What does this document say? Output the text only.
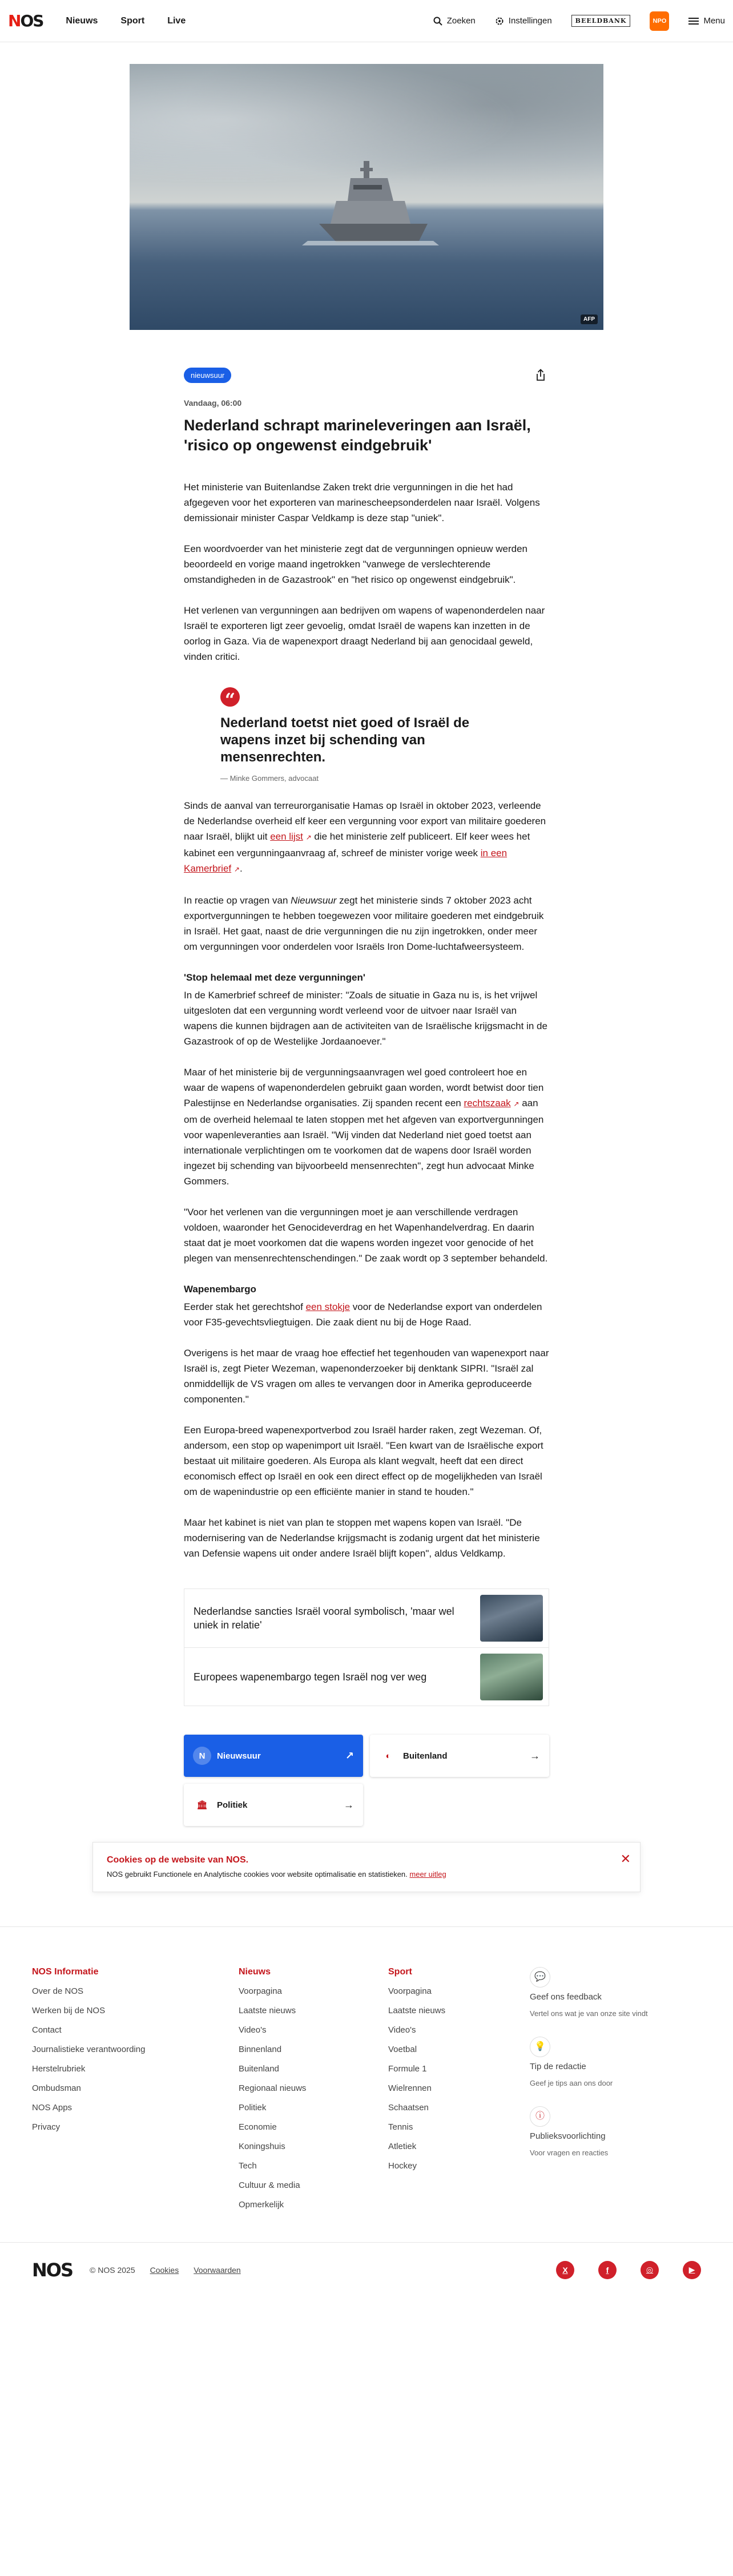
NOS	Nieuws	Sport	Live	Zoeken	Instellingen	BEELDBANK	NPO	Menu
AFP
nieuwsuur
Vandaag, 06:00
Nederland schrapt marineleveringen aan Israël, 'risico op ongewenst eindgebruik'

Het ministerie van Buitenlandse Zaken trekt drie vergunningen in die het had afgegeven voor het exporteren van marinescheepsonderdelen naar Israël. Volgens demissionair minister Caspar Veldkamp is deze stap "uniek".

Een woordvoerder van het ministerie zegt dat de vergunningen opnieuw werden beoordeeld en vorige maand ingetrokken "vanwege de verslechterende omstandigheden in de Gazastrook" en "het risico op ongewenst eindgebruik".

Het verlenen van vergunningen aan bedrijven om wapens of wapenonderdelen naar Israël te exporteren ligt zeer gevoelig, omdat Israël de wapens kan inzetten in de oorlog in Gaza. Via de wapenexport draagt Nederland bij aan genocidaal geweld, vinden critici.

“
Nederland toetst niet goed of Israël de wapens inzet bij schending van mensenrechten.
— Minke Gommers, advocaat

Sinds de aanval van terreurorganisatie Hamas op Israël in oktober 2023, verleende de Nederlandse overheid elf keer een vergunning voor export van militaire goederen naar Israël, blijkt uit een lijst ↗ die het ministerie zelf publiceert. Elf keer wees het kabinet een vergunningaanvraag af, schreef de minister vorige week in een Kamerbrief ↗.

In reactie op vragen van Nieuwsuur zegt het ministerie sinds 7 oktober 2023 acht exportvergunningen te hebben toegewezen voor militaire goederen met eindgebruik in Israël. Het gaat, naast de drie vergunningen die nu zijn ingetrokken, onder meer om vergunningen voor onderdelen voor Israëls Iron Dome-luchtafweersysteem.

'Stop helemaal met deze vergunningen'

In de Kamerbrief schreef de minister: "Zoals de situatie in Gaza nu is, is het vrijwel uitgesloten dat een vergunning wordt verleend voor de uitvoer naar Israël van wapens die kunnen bijdragen aan de activiteiten van de Israëlische krijgsmacht in de Gazastrook of op de Westelijke Jordaanoever."

Maar of het ministerie bij de vergunningsaanvragen wel goed controleert hoe en waar de wapens of wapenonderdelen gebruikt gaan worden, wordt betwist door tien Palestijnse en Nederlandse organisaties. Zij spanden recent een rechtszaak ↗ aan om de overheid helemaal te laten stoppen met het afgeven van exportvergunningen voor wapenleveranties aan Israël. "Wij vinden dat Nederland niet goed toetst aan internationale verplichtingen om te voorkomen dat de wapens door Israël worden ingezet bij schending van bijvoorbeeld mensenrechten", zegt hun advocaat Minke Gommers.

"Voor het verlenen van die vergunningen moet je aan verschillende verdragen voldoen, waaronder het Genocideverdrag en het Wapenhandelverdrag. En daarin staat dat je moet voorkomen dat die wapens worden ingezet voor genocide of het plegen van mensenrechtenschendingen." De zaak wordt op 3 september behandeld.

Wapenembargo

Eerder stak het gerechtshof een stokje voor de Nederlandse export van onderdelen voor F35-gevechtsvliegtuigen. Die zaak dient nu bij de Hoge Raad.

Overigens is het maar de vraag hoe effectief het tegenhouden van wapenexport naar Israël is, zegt Pieter Wezeman, wapenonderzoeker bij denktank SIPRI. "Israël zal onmiddellijk de VS vragen om alles te vervangen door in Amerika geproduceerde componenten."

Een Europa-breed wapenexportverbod zou Israël harder raken, zegt Wezeman. Of, andersom, een stop op wapenimport uit Israël. "Een kwart van de Israëlische export bestaat uit militaire goederen. Als Europa als klant wegvalt, heeft dat een direct economisch effect op Israël en ook een direct effect op de mogelijkheden van Israël om de wapenindustrie op een efficiënte manier in stand te houden."

Maar het kabinet is niet van plan te stoppen met wapens kopen van Israël. "De modernisering van de Nederlandse krijgsmacht is zodanig urgent dat het ministerie van Defensie wapens uit onder andere Israël blijft kopen", aldus Veldkamp.

Nederlandse sancties Israël vooral symbolisch, 'maar wel uniek in relatie'
Europees wapenembargo tegen Israël nog ver weg
N	Nieuwsuur	↗	◐	Buitenland	→
🏛	Politiek	→
Cookies op de website van NOS.
NOS gebruikt Functionele en Analytische cookies voor website optimalisatie en statistieken. meer uitleg
✕
NOS Informatie
Over de NOS
Werken bij de NOS
Contact
Journalistieke verantwoording
Herstelrubriek
Ombudsman
NOS Apps
Privacy
Nieuws
Voorpagina
Laatste nieuws
Video's
Binnenland
Buitenland
Regionaal nieuws
Politiek
Economie
Koningshuis
Tech
Cultuur & media
Opmerkelijk
Sport
Voorpagina
Laatste nieuws
Video's
Voetbal
Formule 1
Wielrennen
Schaatsen
Tennis
Atletiek
Hockey
💬
Geef ons feedback
Vertel ons wat je van onze site vindt
💡
Tip de redactie
Geef je tips aan ons door
ⓘ
Publieksvoorlichting
Voor vragen en reacties
NOS © NOS 2025 Cookies Voorwaarden	X	f	◎	▶
